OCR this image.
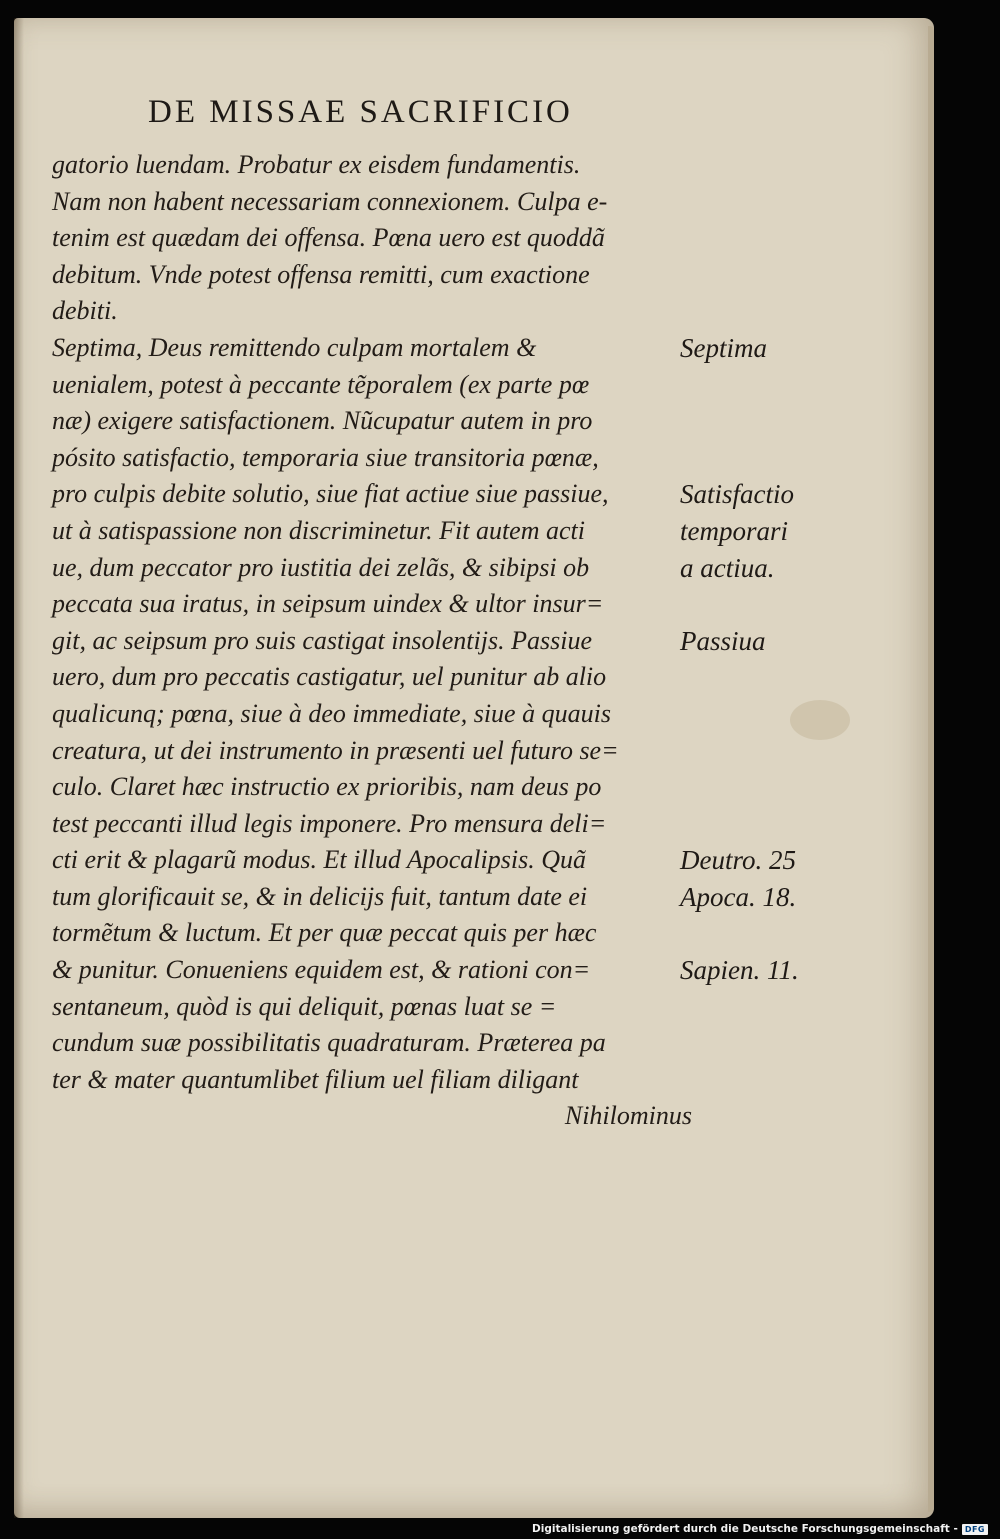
DE MISSAE SACRIFICIO
gatorio luendam. Probatur ex eisdem fundamentis.
Nam non habent necessariam connexionem. Culpa e-
tenim est quædam dei offensa. Pœna uero est quoddã
debitum. Vnde potest offensa remitti, cum exactione
debiti.
Septima, Deus remittendo culpam mortalem &
uenialem, potest à peccante tẽporalem (ex parte pœ
næ) exigere satisfactionem. Nũcupatur autem in pro
pósito satisfactio, temporaria siue transitoria pœnæ,
pro culpis debite solutio, siue fiat actiue siue passiue,
ut à satispassione non discriminetur. Fit autem acti
ue, dum peccator pro iustitia dei zelãs, & sibipsi ob
peccata sua iratus, in seipsum uindex & ultor insur=
git, ac seipsum pro suis castigat insolentijs. Passiue
uero, dum pro peccatis castigatur, uel punitur ab alio
qualicunq; pœna, siue à deo immediate, siue à quauis
creatura, ut dei instrumento in præsenti uel futuro se=
culo. Claret hæc instructio ex prioribis, nam deus po
test peccanti illud legis imponere. Pro mensura deli=
cti erit & plagarũ modus. Et illud Apocalipsis. Quã
tum glorificauit se, & in delicijs fuit, tantum date ei
tormẽtum & luctum. Et per quæ peccat quis per hæc
& punitur. Conueniens equidem est, & rationi con=
sentaneum, quòd is qui deliquit, pœnas luat se =
cundum suæ possibilitatis quadraturam. Præterea pa
ter & mater quantumlibet filium uel filiam diligant
Nihilominus
Septima
Satisfactio
temporari
a actiua.
Passiua
Deutro. 25
Apoca. 18.
Sapien. 11.
Digitalisierung gefördert durch die Deutsche Forschungsgemeinschaft - DFG
